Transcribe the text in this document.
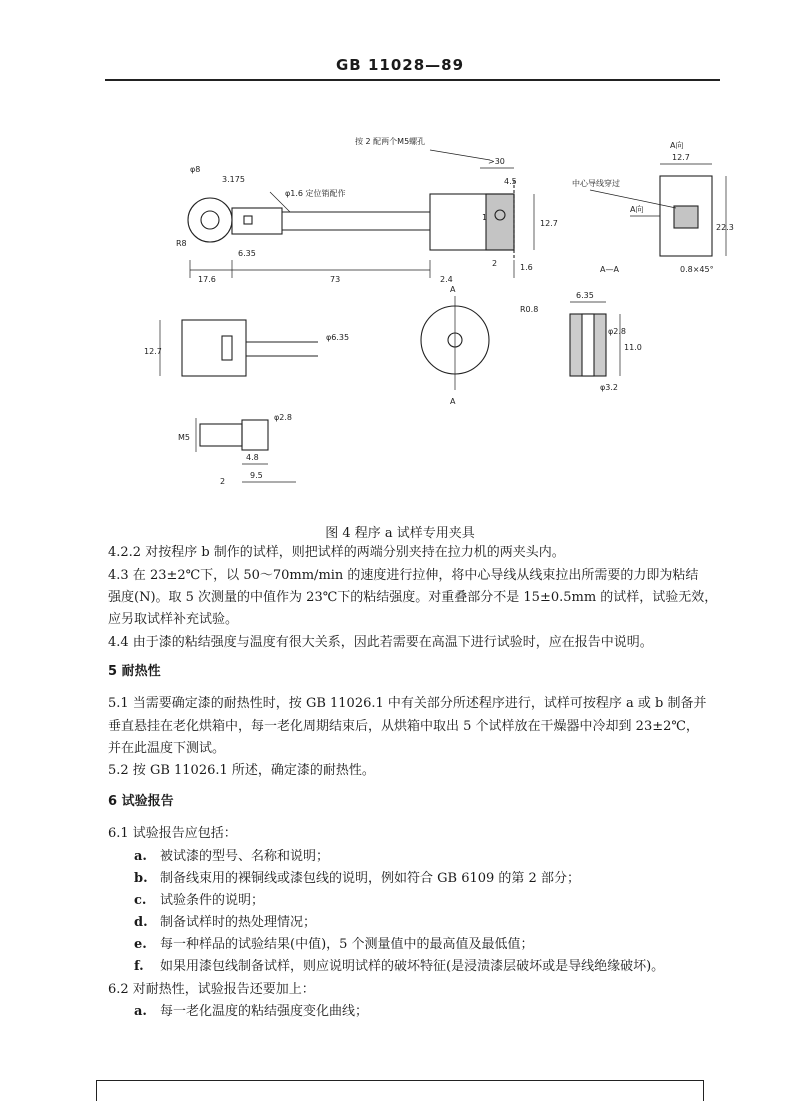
GB 11028—89
φ8
3.175
φ1.6 定位销配作
按 2 配两个M5螺孔
>30
4.5
12.7
R8
6.35
17.6	73	2.4
1.6
1
2
A向
12.7
中心导线穿过
A向
22.3
0.8×45°
A—A
12.7
φ6.35
A
A
R0.8
6.35
φ2.8
11.0
φ3.2
M5
φ2.8
4.8
9.5
2
图 4 程序 a 试样专用夹具
4.2.2 对按程序 b 制作的试样，则把试样的两端分别夹持在拉力机的两夹头内。
4.3 在 23±2℃下，以 50～70mm/min 的速度进行拉伸，将中心导线从线束拉出所需要的力即为粘结
强度(N)。取 5 次测量的中值作为 23℃下的粘结强度。对重叠部分不是 15±0.5mm 的试样，试验无效，
应另取试样补充试验。
4.4 由于漆的粘结强度与温度有很大关系，因此若需要在高温下进行试验时，应在报告中说明。
5 耐热性
5.1 当需要确定漆的耐热性时，按 GB 11026.1 中有关部分所述程序进行，试样可按程序 a 或 b 制备并
垂直悬挂在老化烘箱中，每一老化周期结束后，从烘箱中取出 5 个试样放在干燥器中冷却到 23±2℃，
并在此温度下测试。
5.2 按 GB 11026.1 所述，确定漆的耐热性。
6 试验报告
6.1 试验报告应包括：
a. 被试漆的型号、名称和说明；
b. 制备线束用的裸铜线或漆包线的说明，例如符合 GB 6109 的第 2 部分；
c. 试验条件的说明；
d. 制备试样时的热处理情况；
e. 每一种样品的试验结果(中值)，5 个测量值中的最高值及最低值；
f. 如果用漆包线制备试样，则应说明试样的破坏特征(是浸渍漆层破坏或是导线绝缘破坏)。
6.2 对耐热性，试验报告还要加上：
a. 每一老化温度的粘结强度变化曲线；
